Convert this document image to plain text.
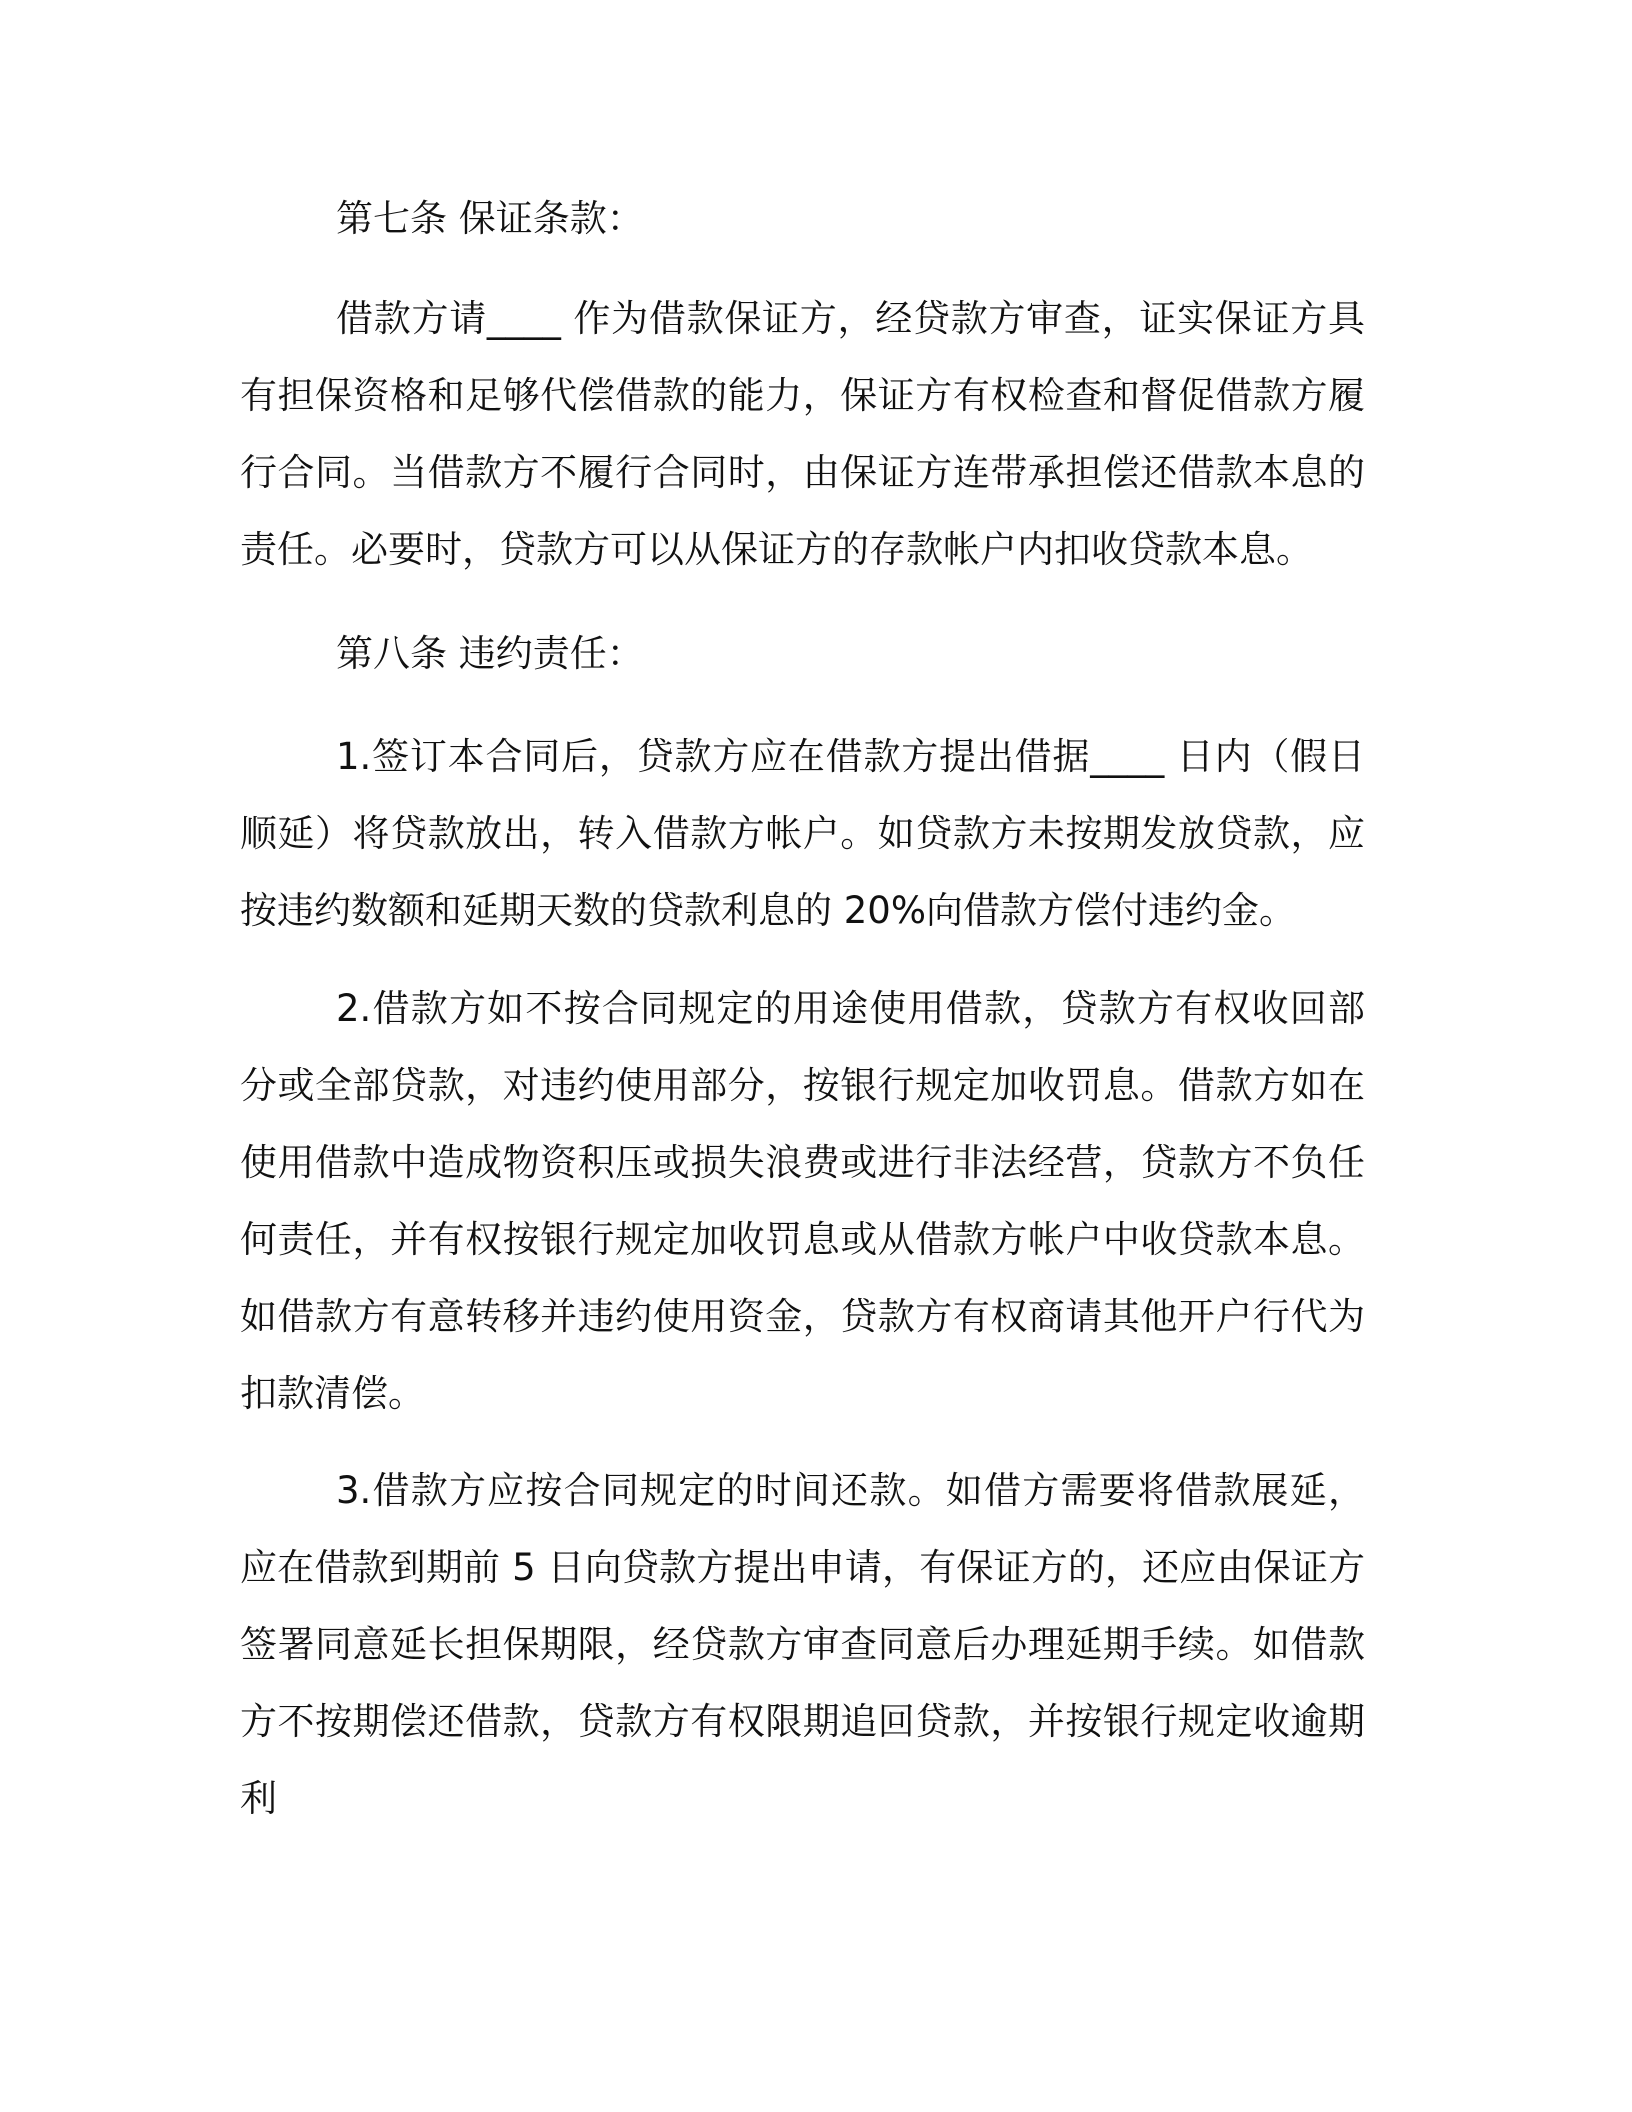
第七条 保证条款：

借款方请____ 作为借款保证方，经贷款方审查，证实保证方具有担保资格和足够代偿借款的能力，保证方有权检查和督促借款方履行合同。当借款方不履行合同时，由保证方连带承担偿还借款本息的责任。必要时，贷款方可以从保证方的存款帐户内扣收贷款本息。

第八条 违约责任：

1.签订本合同后，贷款方应在借款方提出借据____ 日内（假日顺延）将贷款放出，转入借款方帐户。如贷款方未按期发放贷款，应按违约数额和延期天数的贷款利息的 20%向借款方偿付违约金。

2.借款方如不按合同规定的用途使用借款，贷款方有权收回部分或全部贷款，对违约使用部分，按银行规定加收罚息。借款方如在使用借款中造成物资积压或损失浪费或进行非法经营，贷款方不负任何责任，并有权按银行规定加收罚息或从借款方帐户中收贷款本息。如借款方有意转移并违约使用资金，贷款方有权商请其他开户行代为扣款清偿。

3.借款方应按合同规定的时间还款。如借方需要将借款展延，应在借款到期前 5 日向贷款方提出申请，有保证方的，还应由保证方签署同意延长担保期限，经贷款方审查同意后办理延期手续。如借款方不按期偿还借款，贷款方有权限期追回贷款，并按银行规定收逾期利
